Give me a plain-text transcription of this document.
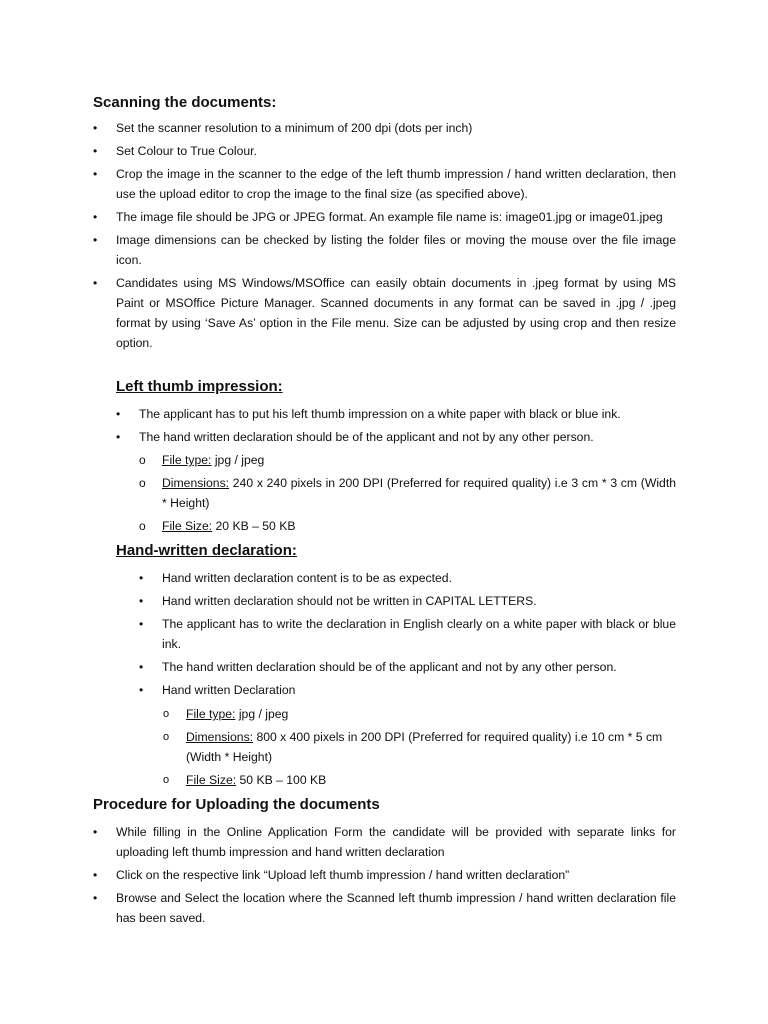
Scanning the documents:
• Set the scanner resolution to a minimum of 200 dpi (dots per inch)
• Set Colour to True Colour.
• Crop the image in the scanner to the edge of the left thumb impression / hand written declaration, then use the upload editor to crop the image to the final size (as specified above).
• The image file should be JPG or JPEG format. An example file name is: image01.jpg or image01.jpeg
• Image dimensions can be checked by listing the folder files or moving the mouse over the file image icon.
• Candidates using MS Windows/MSOffice can easily obtain documents in .jpeg format by using MS Paint or MSOffice Picture Manager. Scanned documents in any format can be saved in .jpg / .jpeg format by using ‘Save As’ option in the File menu. Size can be adjusted by using crop and then resize option.
Left thumb impression:
• The applicant has to put his left thumb impression on a white paper with black or blue ink.
• The hand written declaration should be of the applicant and not by any other person.
o File type: jpg / jpeg
o Dimensions: 240 x 240 pixels in 200 DPI (Preferred for required quality) i.e 3 cm * 3 cm (Width * Height)
o File Size: 20 KB – 50 KB
Hand-written declaration:
• Hand written declaration content is to be as expected.
• Hand written declaration should not be written in CAPITAL LETTERS.
• The applicant has to write the declaration in English clearly on a white paper with black or blue ink.
• The hand written declaration should be of the applicant and not by any other person.
• Hand written Declaration
o File type: jpg / jpeg
o Dimensions: 800 x 400 pixels in 200 DPI (Preferred for required quality) i.e 10 cm * 5 cm (Width * Height)
o File Size: 50 KB – 100 KB
Procedure for Uploading the documents
• While filling in the Online Application Form the candidate will be provided with separate links for uploading left thumb impression and hand written declaration
• Click on the respective link “Upload left thumb impression / hand written declaration”
• Browse and Select the location where the Scanned left thumb impression / hand written declaration file has been saved.
